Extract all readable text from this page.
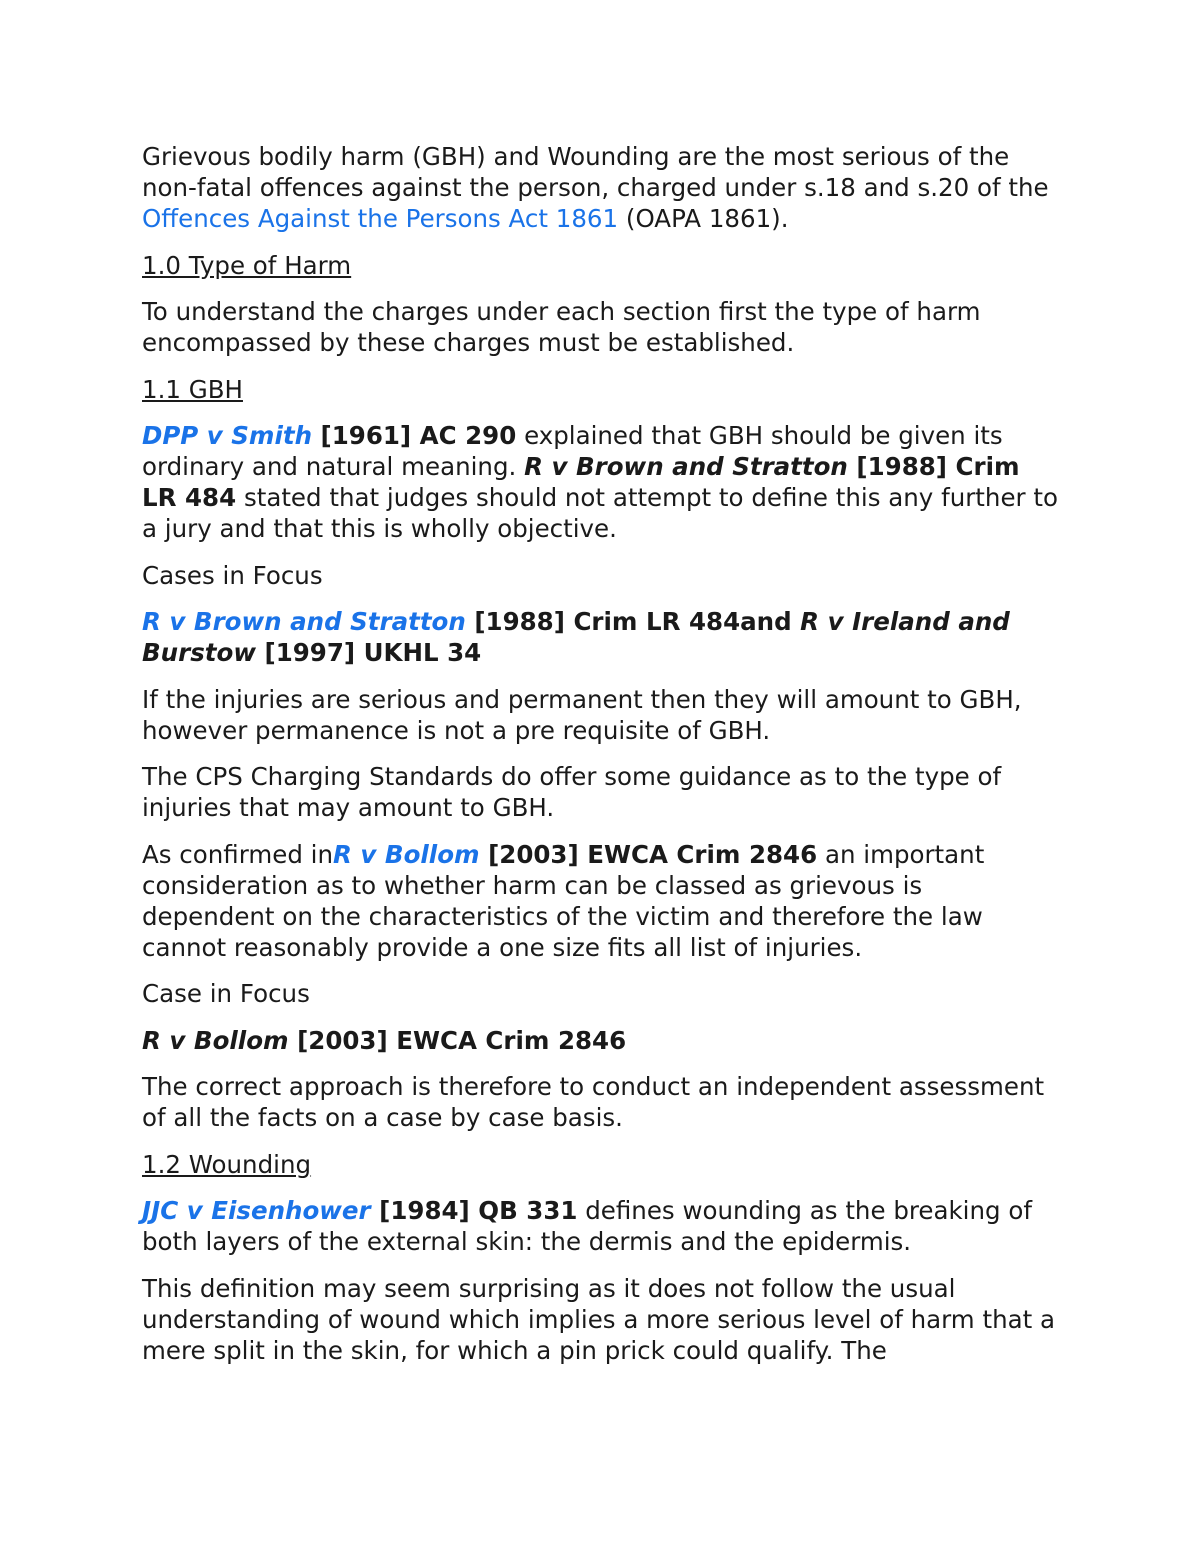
Grievous bodily harm (GBH) and Wounding are the most serious of the non-fatal offences against the person, charged under s.18 and s.20 of the Offences Against the Persons Act 1861 (OAPA 1861).

1.0 Type of Harm

To understand the charges under each section first the type of harm encompassed by these charges must be established.

1.1 GBH

DPP v Smith [1961] AC 290 explained that GBH should be given its ordinary and natural meaning. R v Brown and Stratton [1988] Crim LR 484 stated that judges should not attempt to define this any further to a jury and that this is wholly objective.

Cases in Focus

R v Brown and Stratton [1988] Crim LR 484and R v Ireland and Burstow [1997] UKHL 34

If the injuries are serious and permanent then they will amount to GBH, however permanence is not a pre requisite of GBH.

The CPS Charging Standards do offer some guidance as to the type of injuries that may amount to GBH.

As confirmed inR v Bollom [2003] EWCA Crim 2846 an important consideration as to whether harm can be classed as grievous is dependent on the characteristics of the victim and therefore the law cannot reasonably provide a one size fits all list of injuries.

Case in Focus

R v Bollom [2003] EWCA Crim 2846

The correct approach is therefore to conduct an independent assessment of all the facts on a case by case basis.

1.2 Wounding

JJC v Eisenhower [1984] QB 331 defines wounding as the breaking of both layers of the external skin: the dermis and the epidermis.

This definition may seem surprising as it does not follow the usual understanding of wound which implies a more serious level of harm that a mere split in the skin, for which a pin prick could qualify. The
